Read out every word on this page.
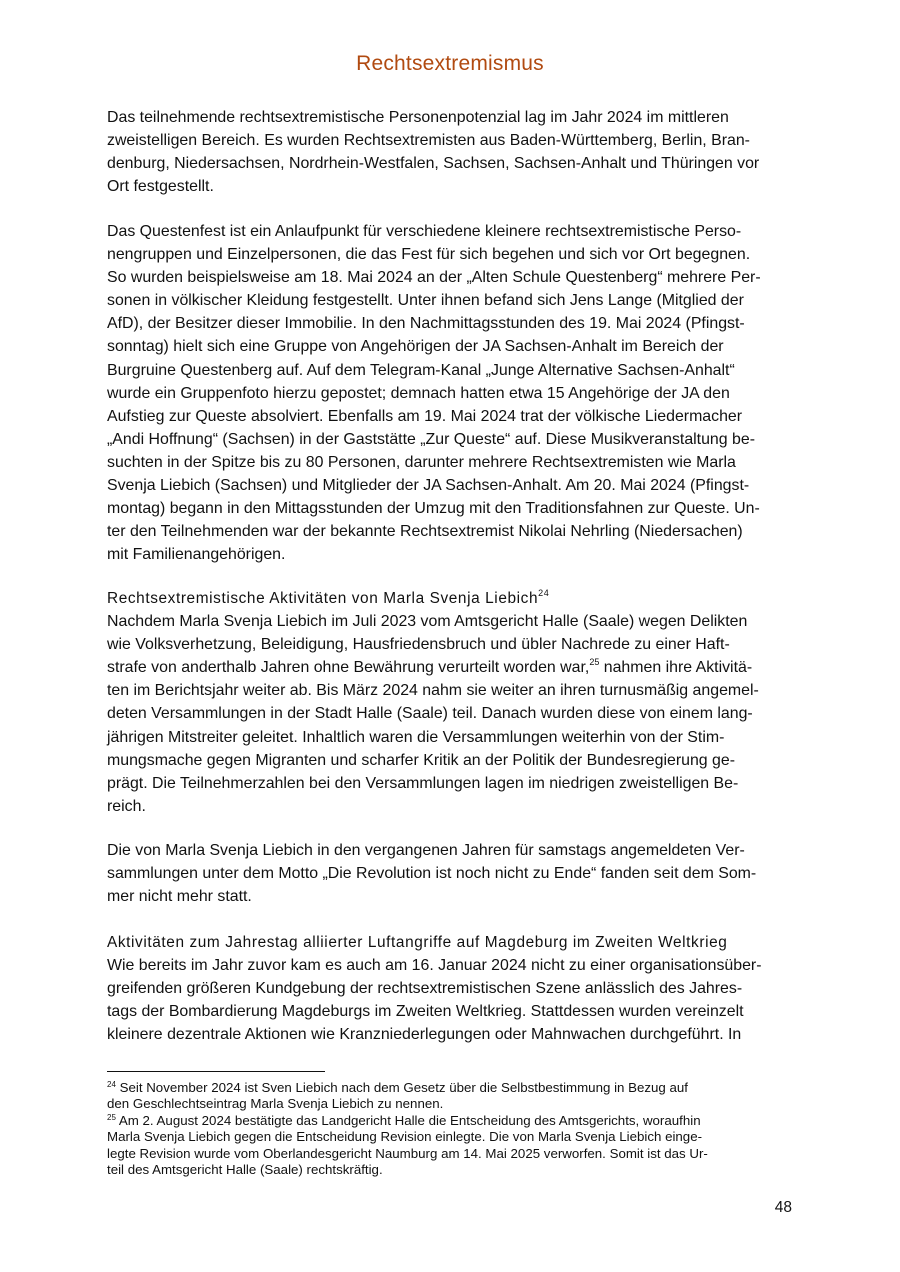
Rechtsextremismus

Das teilnehmende rechtsextremistische Personenpotenzial lag im Jahr 2024 im mittleren
zweistelligen Bereich. Es wurden Rechtsextremisten aus Baden-Württemberg, Berlin, Bran-
denburg, Niedersachsen, Nordrhein-Westfalen, Sachsen, Sachsen-Anhalt und Thüringen vor
Ort festgestellt.

Das Questenfest ist ein Anlaufpunkt für verschiedene kleinere rechtsextremistische Perso-
nengruppen und Einzelpersonen, die das Fest für sich begehen und sich vor Ort begegnen.
So wurden beispielsweise am 18. Mai 2024 an der „Alten Schule Questenberg“ mehrere Per-
sonen in völkischer Kleidung festgestellt. Unter ihnen befand sich Jens Lange (Mitglied der
AfD), der Besitzer dieser Immobilie. In den Nachmittagsstunden des 19. Mai 2024 (Pfingst-
sonntag) hielt sich eine Gruppe von Angehörigen der JA Sachsen-Anhalt im Bereich der
Burgruine Questenberg auf. Auf dem Telegram-Kanal „Junge Alternative Sachsen-Anhalt“
wurde ein Gruppenfoto hierzu gepostet; demnach hatten etwa 15 Angehörige der JA den
Aufstieg zur Queste absolviert. Ebenfalls am 19. Mai 2024 trat der völkische Liedermacher
„Andi Hoffnung“ (Sachsen) in der Gaststätte „Zur Queste“ auf. Diese Musikveranstaltung be-
suchten in der Spitze bis zu 80 Personen, darunter mehrere Rechtsextremisten wie Marla
Svenja Liebich (Sachsen) und Mitglieder der JA Sachsen-Anhalt. Am 20. Mai 2024 (Pfingst-
montag) begann in den Mittagsstunden der Umzug mit den Traditionsfahnen zur Queste. Un-
ter den Teilnehmenden war der bekannte Rechtsextremist Nikolai Nehrling (Niedersachen)
mit Familienangehörigen.

Rechtsextremistische Aktivitäten von Marla Svenja Liebich$^{24}$
Nachdem Marla Svenja Liebich im Juli 2023 vom Amtsgericht Halle (Saale) wegen Delikten
wie Volksverhetzung, Beleidigung, Hausfriedensbruch und übler Nachrede zu einer Haft-
strafe von anderthalb Jahren ohne Bewährung verurteilt worden war,$^{25}$ nahmen ihre Aktivitä-
ten im Berichtsjahr weiter ab. Bis März 2024 nahm sie weiter an ihren turnusmäßig angemel-
deten Versammlungen in der Stadt Halle (Saale) teil. Danach wurden diese von einem lang-
jährigen Mitstreiter geleitet. Inhaltlich waren die Versammlungen weiterhin von der Stim-
mungsmache gegen Migranten und scharfer Kritik an der Politik der Bundesregierung ge-
prägt. Die Teilnehmerzahlen bei den Versammlungen lagen im niedrigen zweistelligen Be-
reich.

Die von Marla Svenja Liebich in den vergangenen Jahren für samstags angemeldeten Ver-
sammlungen unter dem Motto „Die Revolution ist noch nicht zu Ende“ fanden seit dem Som-
mer nicht mehr statt.

Aktivitäten zum Jahrestag alliierter Luftangriffe auf Magdeburg im Zweiten Weltkrieg
Wie bereits im Jahr zuvor kam es auch am 16. Januar 2024 nicht zu einer organisationsüber-
greifenden größeren Kundgebung der rechtsextremistischen Szene anlässlich des Jahres-
tags der Bombardierung Magdeburgs im Zweiten Weltkrieg. Stattdessen wurden vereinzelt
kleinere dezentrale Aktionen wie Kranzniederlegungen oder Mahnwachen durchgeführt. In

$^{24}$ Seit November 2024 ist Sven Liebich nach dem Gesetz über die Selbstbestimmung in Bezug auf
den Geschlechtseintrag Marla Svenja Liebich zu nennen.
$^{25}$ Am 2. August 2024 bestätigte das Landgericht Halle die Entscheidung des Amtsgerichts, woraufhin
Marla Svenja Liebich gegen die Entscheidung Revision einlegte. Die von Marla Svenja Liebich einge-
legte Revision wurde vom Oberlandesgericht Naumburg am 14. Mai 2025 verworfen. Somit ist das Ur-
teil des Amtsgericht Halle (Saale) rechtskräftig.
48
